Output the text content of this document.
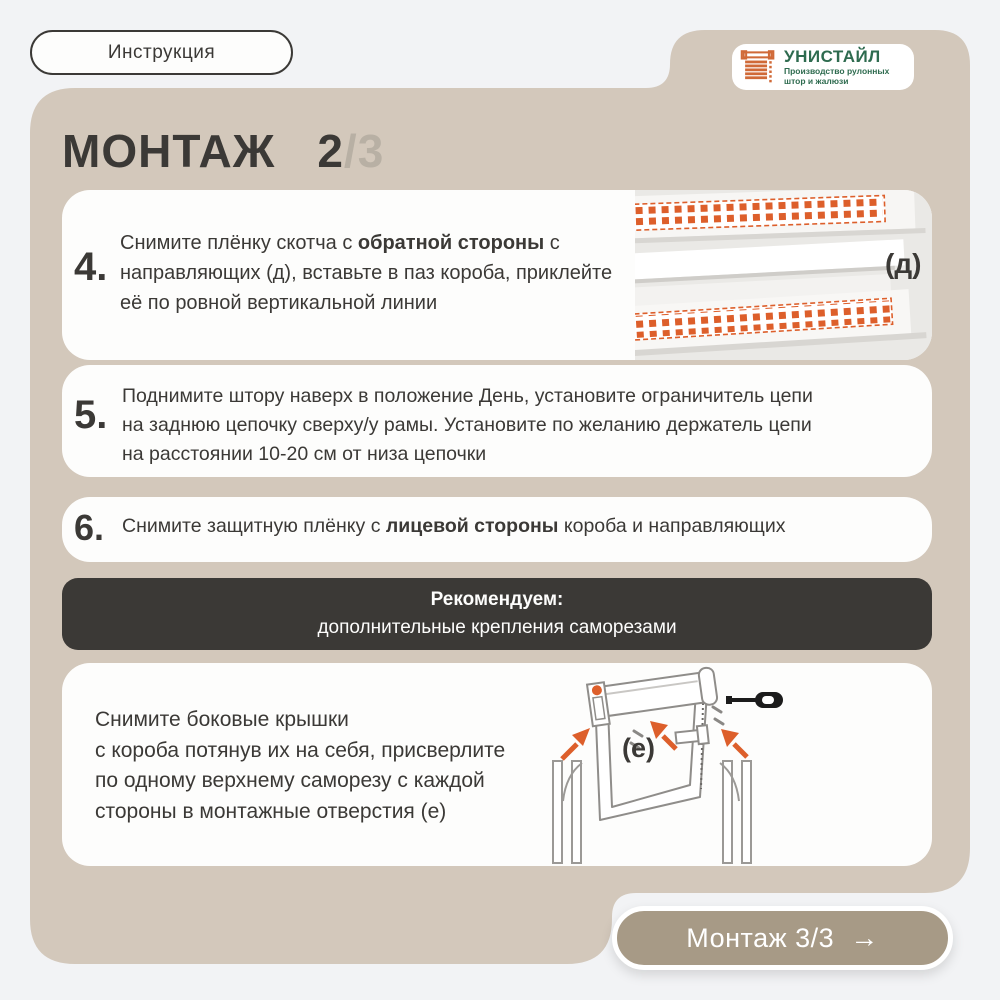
Инструкция	УНИСТАЙЛ
Производство рулонных
штор и жалюзи
МОНТАЖ 2 /3
4.
Снимите плёнку скотча с обратной стороны с направляющих (д), вставьте в паз короба, приклейте её по ровной вертикальной линии
(д)
5. Поднимите штору наверх в положение День, установите ограничитель цепи
на заднюю цепочку сверху/у рамы. Установите по желанию держатель цепи
на расстоянии 10-20 см от низа цепочки
6. Снимите защитную плёнку с лицевой стороны короба и направляющих
Рекомендуем:
дополнительные крепления саморезами
Снимите боковые крышки
с короба потянув их на себя, присверлите
по одному верхнему саморезу с каждой
стороны в монтажные отверстия (е)
(e)
Монтаж 3/3 →
